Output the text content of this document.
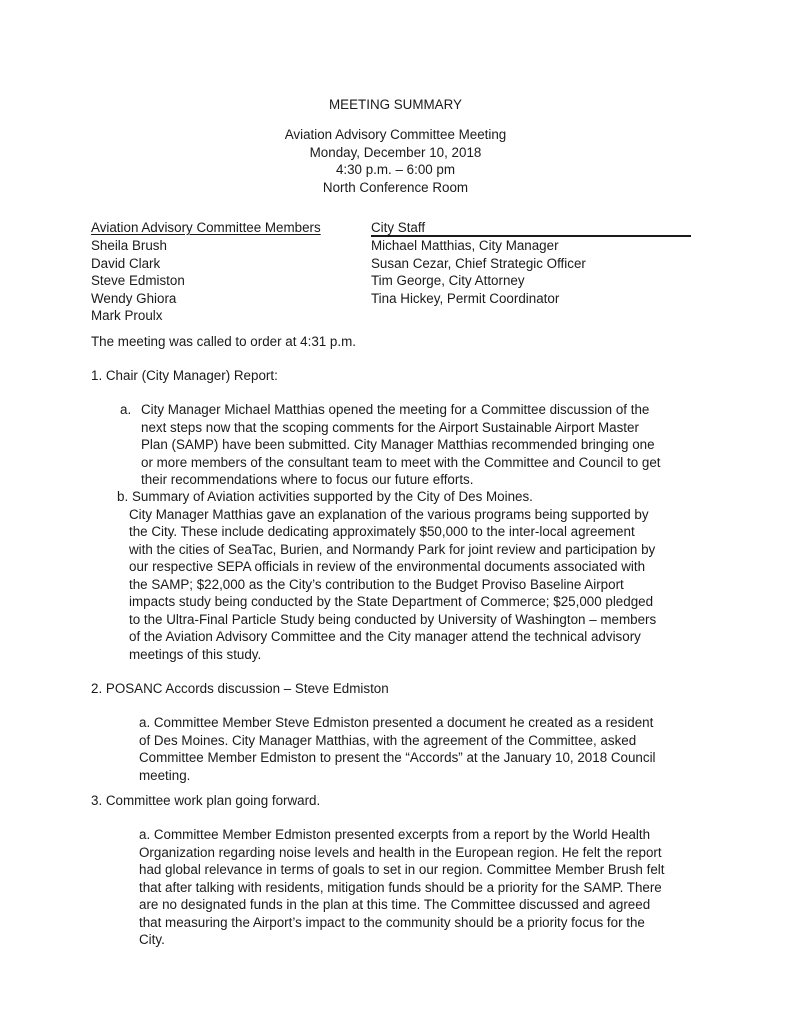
MEETING SUMMARY
Aviation Advisory Committee Meeting
Monday, December 10, 2018
4:30 p.m. – 6:00 pm
North Conference Room
Aviation Advisory Committee Members	City Staff
Sheila Brush
David Clark
Steve Edmiston
Wendy Ghiora
Mark Proulx
Michael Matthias, City Manager
Susan Cezar, Chief Strategic Officer
Tim George, City Attorney
Tina Hickey, Permit Coordinator
The meeting was called to order at 4:31 p.m.
1. Chair (City Manager) Report:
a. City Manager Michael Matthias opened the meeting for a Committee discussion of the
next steps now that the scoping comments for the Airport Sustainable Airport Master
Plan (SAMP) have been submitted. City Manager Matthias recommended bringing one
or more members of the consultant team to meet with the Committee and Council to get
their recommendations where to focus our future efforts.
b. Summary of Aviation activities supported by the City of Des Moines.
City Manager Matthias gave an explanation of the various programs being supported by
the City. These include dedicating approximately $50,000 to the inter-local agreement
with the cities of SeaTac, Burien, and Normandy Park for joint review and participation by
our respective SEPA officials in review of the environmental documents associated with
the SAMP; $22,000 as the City’s contribution to the Budget Proviso Baseline Airport
impacts study being conducted by the State Department of Commerce; $25,000 pledged
to the Ultra-Final Particle Study being conducted by University of Washington – members
of the Aviation Advisory Committee and the City manager attend the technical advisory
meetings of this study.
2. POSANC Accords discussion – Steve Edmiston
a. Committee Member Steve Edmiston presented a document he created as a resident
of Des Moines. City Manager Matthias, with the agreement of the Committee, asked
Committee Member Edmiston to present the “Accords” at the January 10, 2018 Council
meeting.
3. Committee work plan going forward.
a. Committee Member Edmiston presented excerpts from a report by the World Health
Organization regarding noise levels and health in the European region. He felt the report
had global relevance in terms of goals to set in our region. Committee Member Brush felt
that after talking with residents, mitigation funds should be a priority for the SAMP. There
are no designated funds in the plan at this time. The Committee discussed and agreed
that measuring the Airport’s impact to the community should be a priority focus for the
City.
